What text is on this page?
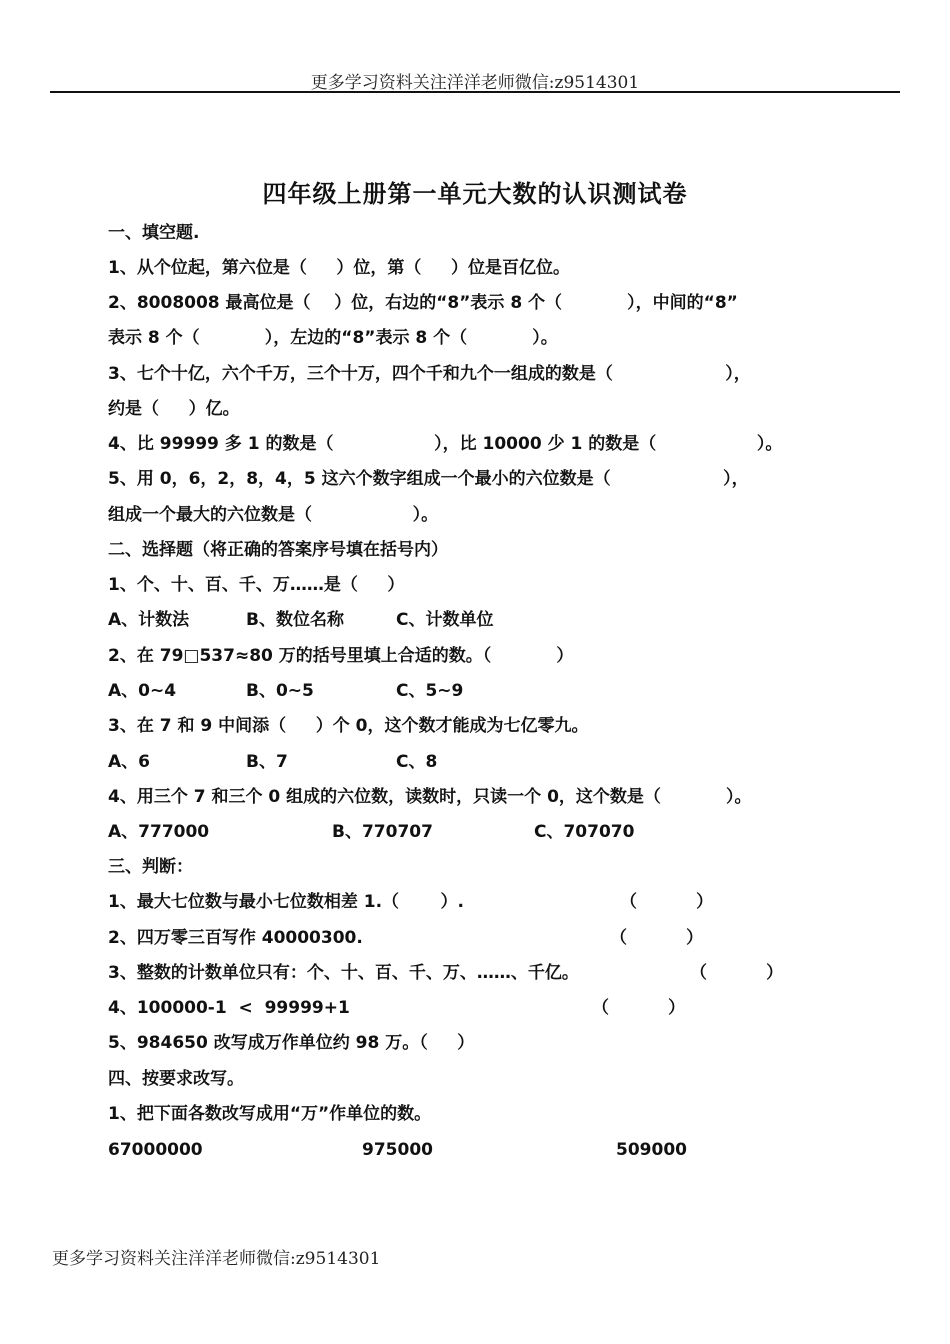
更多学习资料关注洋洋老师微信:z9514301
四年级上册第一单元大数的认识测试卷
一、填空题.
1、从个位起，第六位是（     ）位，第（     ）位是百亿位。
2、8008008 最高位是（    ）位，右边的“8”表示 8 个（           ），中间的“8”
表示 8 个（           ），左边的“8”表示 8 个（           ）。
3、七个十亿，六个千万，三个十万，四个千和九个一组成的数是（                   ），
约是（     ）亿。
4、比 99999 多 1 的数是（                 ），比 10000 少 1 的数是（                 ）。
5、用 0，6，2，8，4，5 这六个数字组成一个最小的六位数是（                   ），
组成一个最大的六位数是（                 ）。
二、选择题（将正确的答案序号填在括号内）
1、个、十、百、千、万……是（     ）
A、计数法	B、数位名称	C、计数单位
2、在 79□537≈80 万的括号里填上合适的数。（           ）
A、0~4	B、0~5	C、5~9
3、在 7 和 9 中间添（     ）个 0，这个数才能成为七亿零九。
A、6	B、7	C、8
4、用三个 7 和三个 0 组成的六位数，读数时，只读一个 0，这个数是（           ）。
A、777000	B、770707	C、707070
三、判断：
1、最大七位数与最小七位数相差 1.（       ）.	（          ）
2、四万零三百写作 40000300.	（          ）
3、整数的计数单位只有：个、十、百、千、万、……、千亿。	（          ）
4、100000-1  <  99999+1	（          ）
5、984650 改写成万作单位约 98 万。（     ）
四、按要求改写。
1、把下面各数改写成用“万”作单位的数。
67000000	975000	509000
更多学习资料关注洋洋老师微信:z9514301
